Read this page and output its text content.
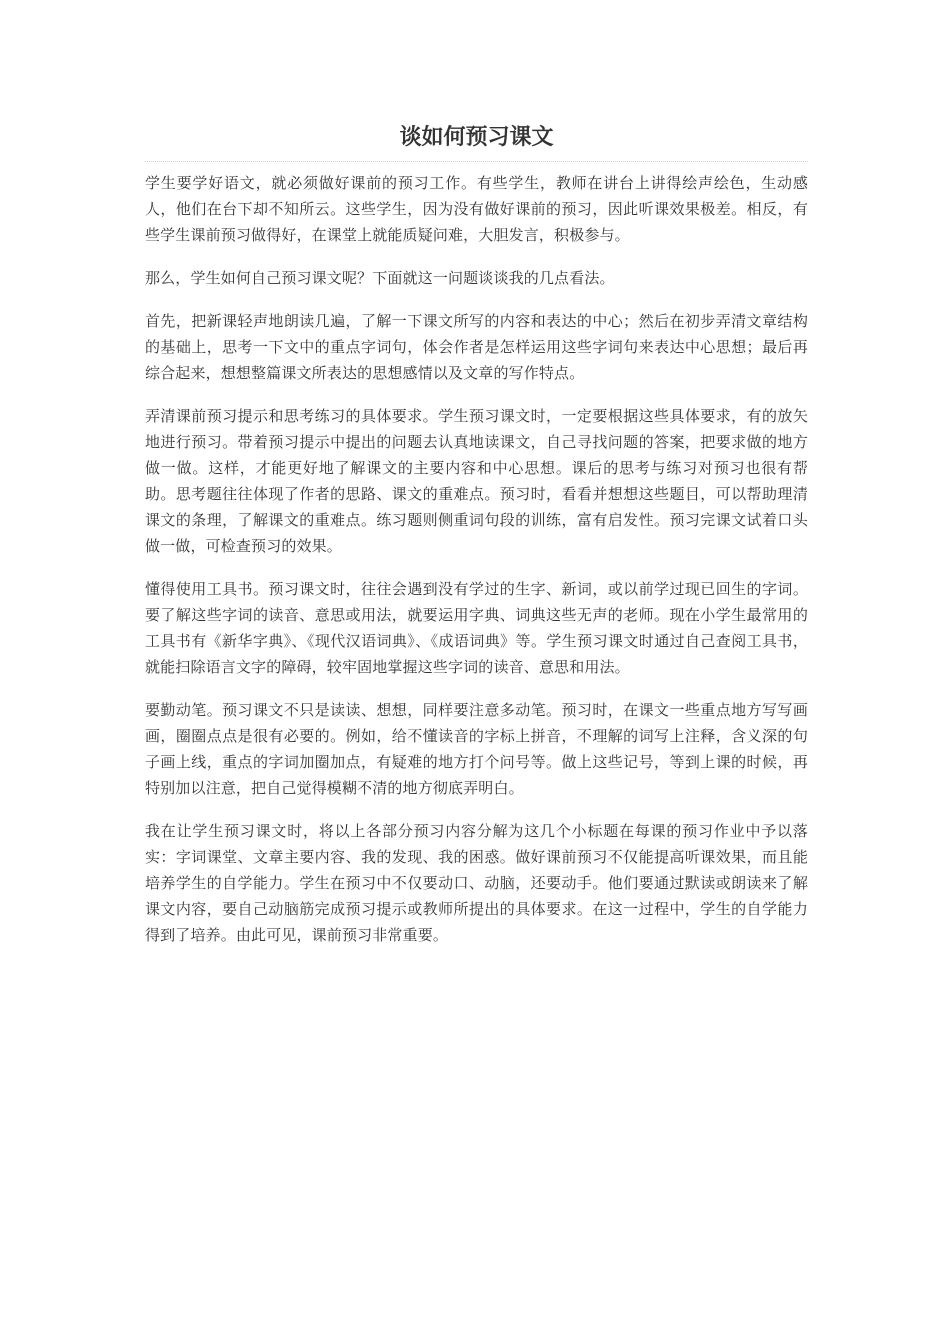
谈如何预习课文

学生要学好语文，就必须做好课前的预习工作。有些学生，教师在讲台上讲得绘声绘色，生动感人，他们在台下却不知所云。这些学生，因为没有做好课前的预习，因此听课效果极差。相反，有些学生课前预习做得好，在课堂上就能质疑问难，大胆发言，积极参与。

那么，学生如何自己预习课文呢？下面就这一问题谈谈我的几点看法。

首先，把新课轻声地朗读几遍，了解一下课文所写的内容和表达的中心；然后在初步弄清文章结构的基础上，思考一下文中的重点字词句，体会作者是怎样运用这些字词句来表达中心思想；最后再综合起来，想想整篇课文所表达的思想感情以及文章的写作特点。

弄清课前预习提示和思考练习的具体要求。学生预习课文时，一定要根据这些具体要求，有的放矢地进行预习。带着预习提示中提出的问题去认真地读课文，自己寻找问题的答案，把要求做的地方做一做。这样，才能更好地了解课文的主要内容和中心思想。课后的思考与练习对预习也很有帮助。思考题往往体现了作者的思路、课文的重难点。预习时，看看并想想这些题目，可以帮助理清课文的条理，了解课文的重难点。练习题则侧重词句段的训练，富有启发性。预习完课文试着口头做一做，可检查预习的效果。

懂得使用工具书。预习课文时，往往会遇到没有学过的生字、新词，或以前学过现已回生的字词。要了解这些字词的读音、意思或用法，就要运用字典、词典这些无声的老师。现在小学生最常用的工具书有《新华字典》、《现代汉语词典》、《成语词典》等。学生预习课文时通过自己查阅工具书，就能扫除语言文字的障碍，较牢固地掌握这些字词的读音、意思和用法。

要勤动笔。预习课文不只是读读、想想，同样要注意多动笔。预习时，在课文一些重点地方写写画画，圈圈点点是很有必要的。例如，给不懂读音的字标上拼音，不理解的词写上注释，含义深的句子画上线，重点的字词加圈加点，有疑难的地方打个问号等。做上这些记号，等到上课的时候，再特别加以注意，把自己觉得模糊不清的地方彻底弄明白。

我在让学生预习课文时，将以上各部分预习内容分解为这几个小标题在每课的预习作业中予以落实：字词课堂、文章主要内容、我的发现、我的困惑。做好课前预习不仅能提高听课效果，而且能培养学生的自学能力。学生在预习中不仅要动口、动脑，还要动手。他们要通过默读或朗读来了解课文内容，要自己动脑筋完成预习提示或教师所提出的具体要求。在这一过程中，学生的自学能力得到了培养。由此可见，课前预习非常重要。
